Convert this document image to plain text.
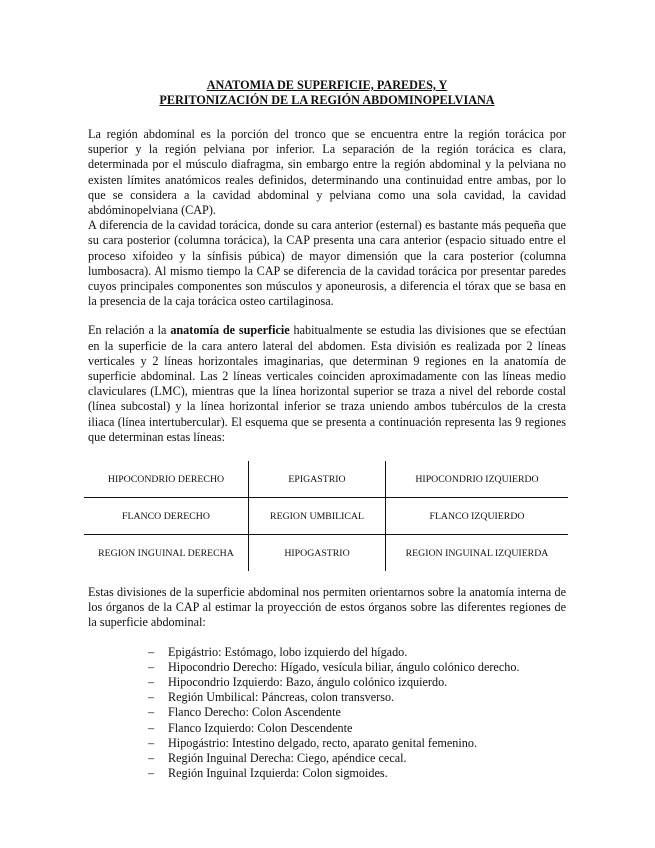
ANATOMIA DE SUPERFICIE, PAREDES, Y
PERITONIZACIÓN DE LA REGIÓN ABDOMINOPELVIANA

La región abdominal es la porción del tronco que se encuentra entre la región torácica por superior y la región pelviana por inferior. La separación de la región torácica es clara, determinada por el músculo diafragma, sin embargo entre la región abdominal y la pelviana no existen límites anatómicos reales definidos, determinando una continuidad entre ambas, por lo que se considera a la cavidad abdominal y pelviana como una sola cavidad, la cavidad abdóminopelviana (CAP).

A diferencia de la cavidad torácica, donde su cara anterior (esternal) es bastante más pequeña que su cara posterior (columna torácica), la CAP presenta una cara anterior (espacio situado entre el proceso xifoideo y la sínfisis púbica) de mayor dimensión que la cara posterior (columna lumbosacra). Al mismo tiempo la CAP se diferencia de la cavidad torácica por presentar paredes cuyos principales componentes son músculos y aponeurosis, a diferencia el tórax que se basa en la presencia de la caja torácica osteo cartilaginosa.

En relación a la anatomía de superficie habitualmente se estudia las divisiones que se efectúan en la superficie de la cara antero lateral del abdomen. Esta división es realizada por 2 líneas verticales y 2 líneas horizontales imaginarias, que determinan 9 regiones en la anatomía de superficie abdominal. Las 2 líneas verticales coinciden aproximadamente con las líneas medio claviculares (LMC), mientras que la línea horizontal superior se traza a nivel del reborde costal (línea subcostal) y la línea horizontal inferior se traza uniendo ambos tubérculos de la cresta iliaca (línea intertubercular). El esquema que se presenta a continuación representa las 9 regiones que determinan estas líneas:

HIPOCONDRIO DERECHO	EPIGASTRIO	HIPOCONDRIO IZQUIERDO
FLANCO DERECHO	REGION UMBILICAL	FLANCO IZQUIERDO
REGION INGUINAL DERECHA	HIPOGASTRIO	REGION INGUINAL IZQUIERDA

Estas divisiones de la superficie abdominal nos permiten orientarnos sobre la anatomía interna de los órganos de la CAP al estimar la proyección de estos órganos sobre las diferentes regiones de la superficie abdominal:

– Epigástrio: Estómago, lobo izquierdo del hígado.
– Hipocondrio Derecho: Hígado, vesícula biliar, ángulo colónico derecho.
– Hipocondrio Izquierdo: Bazo, ángulo colónico izquierdo.
– Región Umbilical: Páncreas, colon transverso.
– Flanco Derecho: Colon Ascendente
– Flanco Izquierdo: Colon Descendente
– Hipogástrio: Intestino delgado, recto, aparato genital femenino.
– Región Inguinal Derecha: Ciego, apéndice cecal.
– Región Inguinal Izquierda: Colon sigmoides.
